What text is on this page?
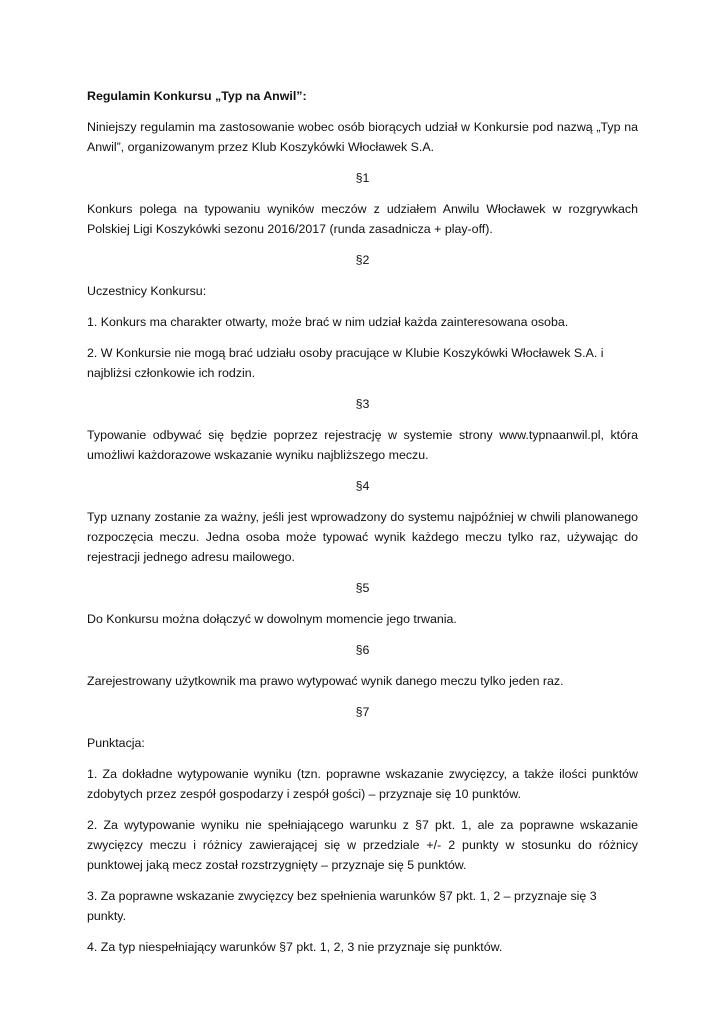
Regulamin Konkursu „Typ na Anwil”:

Niniejszy regulamin ma zastosowanie wobec osób biorących udział w Konkursie pod nazwą „Typ na Anwil”, organizowanym przez Klub Koszykówki Włocławek S.A.

§1

Konkurs polega na typowaniu wyników meczów z udziałem Anwilu Włocławek w rozgrywkach Polskiej Ligi Koszykówki sezonu 2016/2017 (runda zasadnicza + play-off).

§2

Uczestnicy Konkursu:

1. Konkurs ma charakter otwarty, może brać w nim udział każda zainteresowana osoba.

2. W Konkursie nie mogą brać udziału osoby pracujące w Klubie Koszykówki Włocławek S.A. i najbliżsi członkowie ich rodzin.

§3

Typowanie odbywać się będzie poprzez rejestrację w systemie strony www.typnaanwil.pl, która umożliwi każdorazowe wskazanie wyniku najbliższego meczu.

§4

Typ uznany zostanie za ważny, jeśli jest wprowadzony do systemu najpóźniej w chwili planowanego rozpoczęcia meczu. Jedna osoba może typować wynik każdego meczu tylko raz, używając do rejestracji jednego adresu mailowego.

§5

Do Konkursu można dołączyć w dowolnym momencie jego trwania.

§6

Zarejestrowany użytkownik ma prawo wytypować wynik danego meczu tylko jeden raz.

§7

Punktacja:

1. Za dokładne wytypowanie wyniku (tzn. poprawne wskazanie zwycięzcy, a także ilości punktów zdobytych przez zespół gospodarzy i zespół gości) – przyznaje się 10 punktów.

2. Za wytypowanie wyniku nie spełniającego warunku z §7 pkt. 1, ale za poprawne wskazanie zwycięzcy meczu i różnicy zawierającej się w przedziale +/- 2 punkty w stosunku do różnicy punktowej jaką mecz został rozstrzygnięty – przyznaje się 5 punktów.

3. Za poprawne wskazanie zwycięzcy bez spełnienia warunków §7 pkt. 1, 2 – przyznaje się 3 punkty.

4. Za typ niespełniający warunków §7 pkt. 1, 2, 3 nie przyznaje się punktów.
